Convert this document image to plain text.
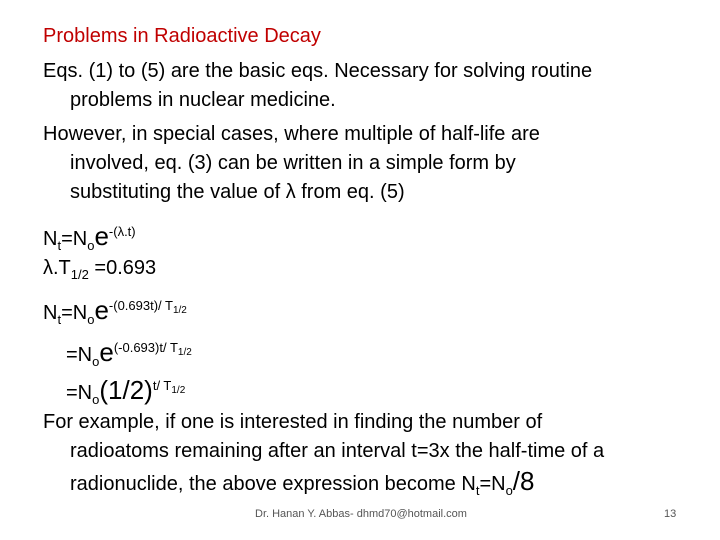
Problems in Radioactive Decay
Eqs. (1) to (5) are the basic eqs. Necessary for solving routine
problems in nuclear medicine.
However, in special cases, where multiple of half-life are
involved, eq. (3) can be written in a simple form by
substituting the value of λ from eq. (5)
$N_t=N_oe^{-(\lambda.t)}$
$\lambda.T_{1/2} =0.693$
$N_t=N_oe^{-(0.693t)/ T_{1/2}}$
$=N_oe^{(-0.693)t/ T_{1/2}}$
$=N_o(1/2)^{t/ T_{1/2}}$
For example, if one is interested in finding the number of
radioatoms remaining after an interval t=3x the half-time of a
radionuclide, the above expression become $N_t=N_o/8$
Dr. Hanan Y. Abbas- dhmd70@hotmail.com	13
